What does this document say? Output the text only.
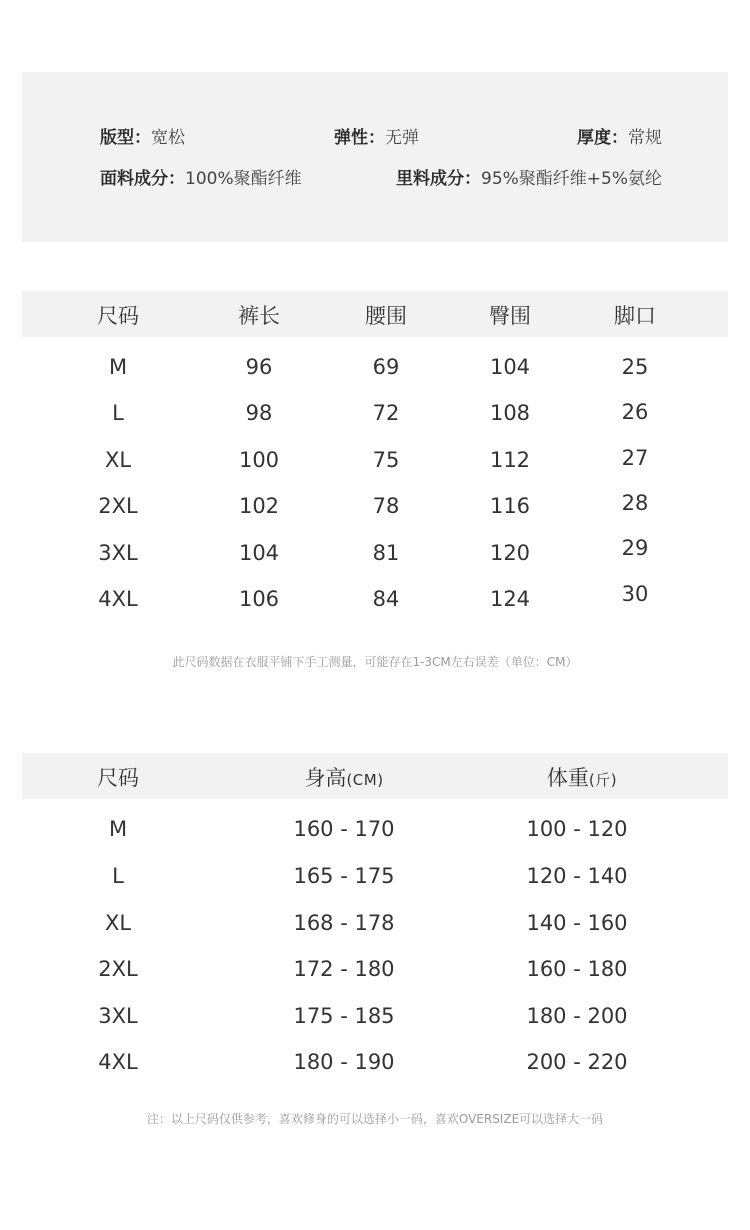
版型：宽松	弹性：无弹	厚度：常规
面料成分：100%聚酯纤维	里料成分：95%聚酯纤维+5%氨纶
尺码	裤长	腰围	臀围	脚口
M	96	69	104	25
L	98	72	108	26
XL	100	75	112	27
2XL	102	78	116	28
3XL	104	81	120	29
4XL	106	84	124	30
此尺码数据在衣服平铺下手工测量，可能存在1-3CM左右误差（单位：CM）
尺码	身高(CM)	体重(斤)
M	160 - 170	100 - 120
L	165 - 175	120 - 140
XL	168 - 178	140 - 160
2XL	172 - 180	160 - 180
3XL	175 - 185	180 - 200
4XL	180 - 190	200 - 220
注：以上尺码仅供参考，喜欢修身的可以选择小一码，喜欢OVERSIZE可以选择大一码
